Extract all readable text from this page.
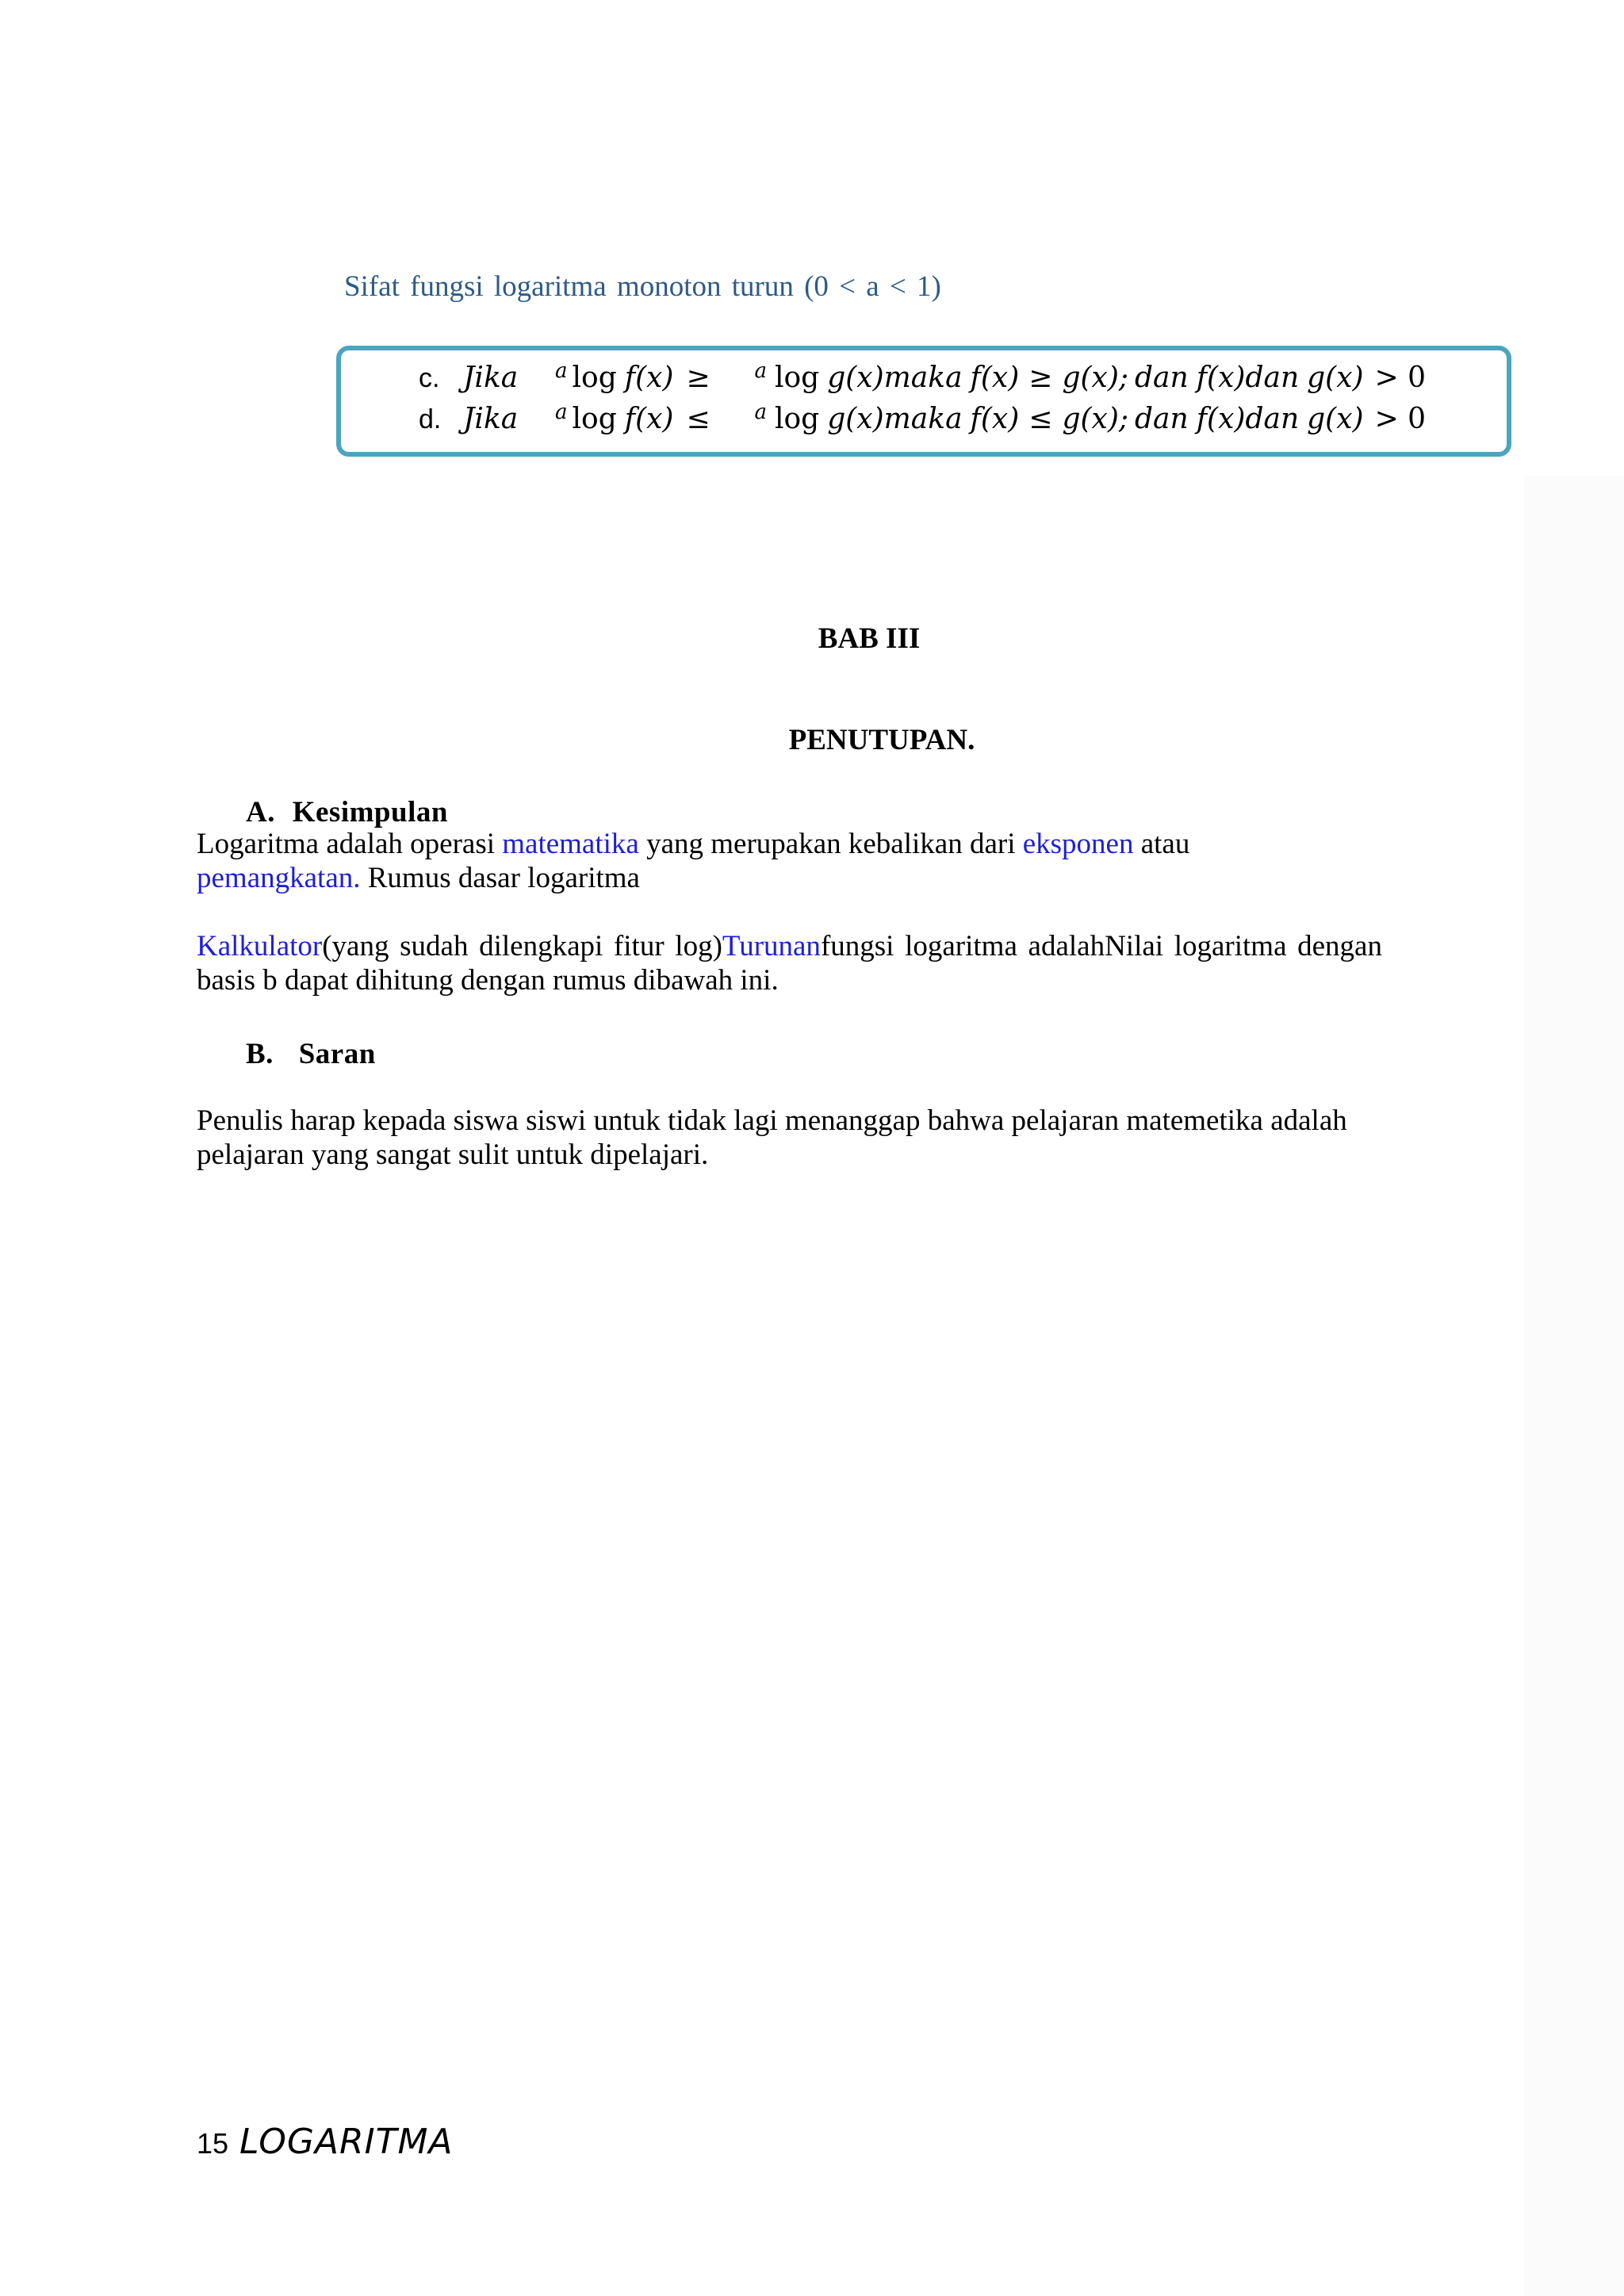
Sifat fungsi logaritma monoton turun (0 < a < 1)
c. Jika	a log f(x) ≥	a log g(x) maka f(x) ≥ g(x); dan f(x) dan g(x) > 0
d. Jika	a log f(x) ≤	a log g(x) maka f(x) ≤ g(x); dan f(x) dan g(x) > 0
BAB III
PENUTUPAN.
A. Kesimpulan
Logaritma adalah operasi matematika yang merupakan kebalikan dari eksponen atau
pemangkatan. Rumus dasar logaritma
Kalkulator(yang sudah dilengkapi fitur log)Turunanfungsi logaritma adalahNilai logaritma dengan basis b dapat dihitung dengan rumus dibawah ini.
B. Saran
Penulis harap kepada siswa siswi untuk tidak lagi menanggap bahwa pelajaran matemetika adalah pelajaran yang sangat sulit untuk dipelajari.
15 LOGARITMA
